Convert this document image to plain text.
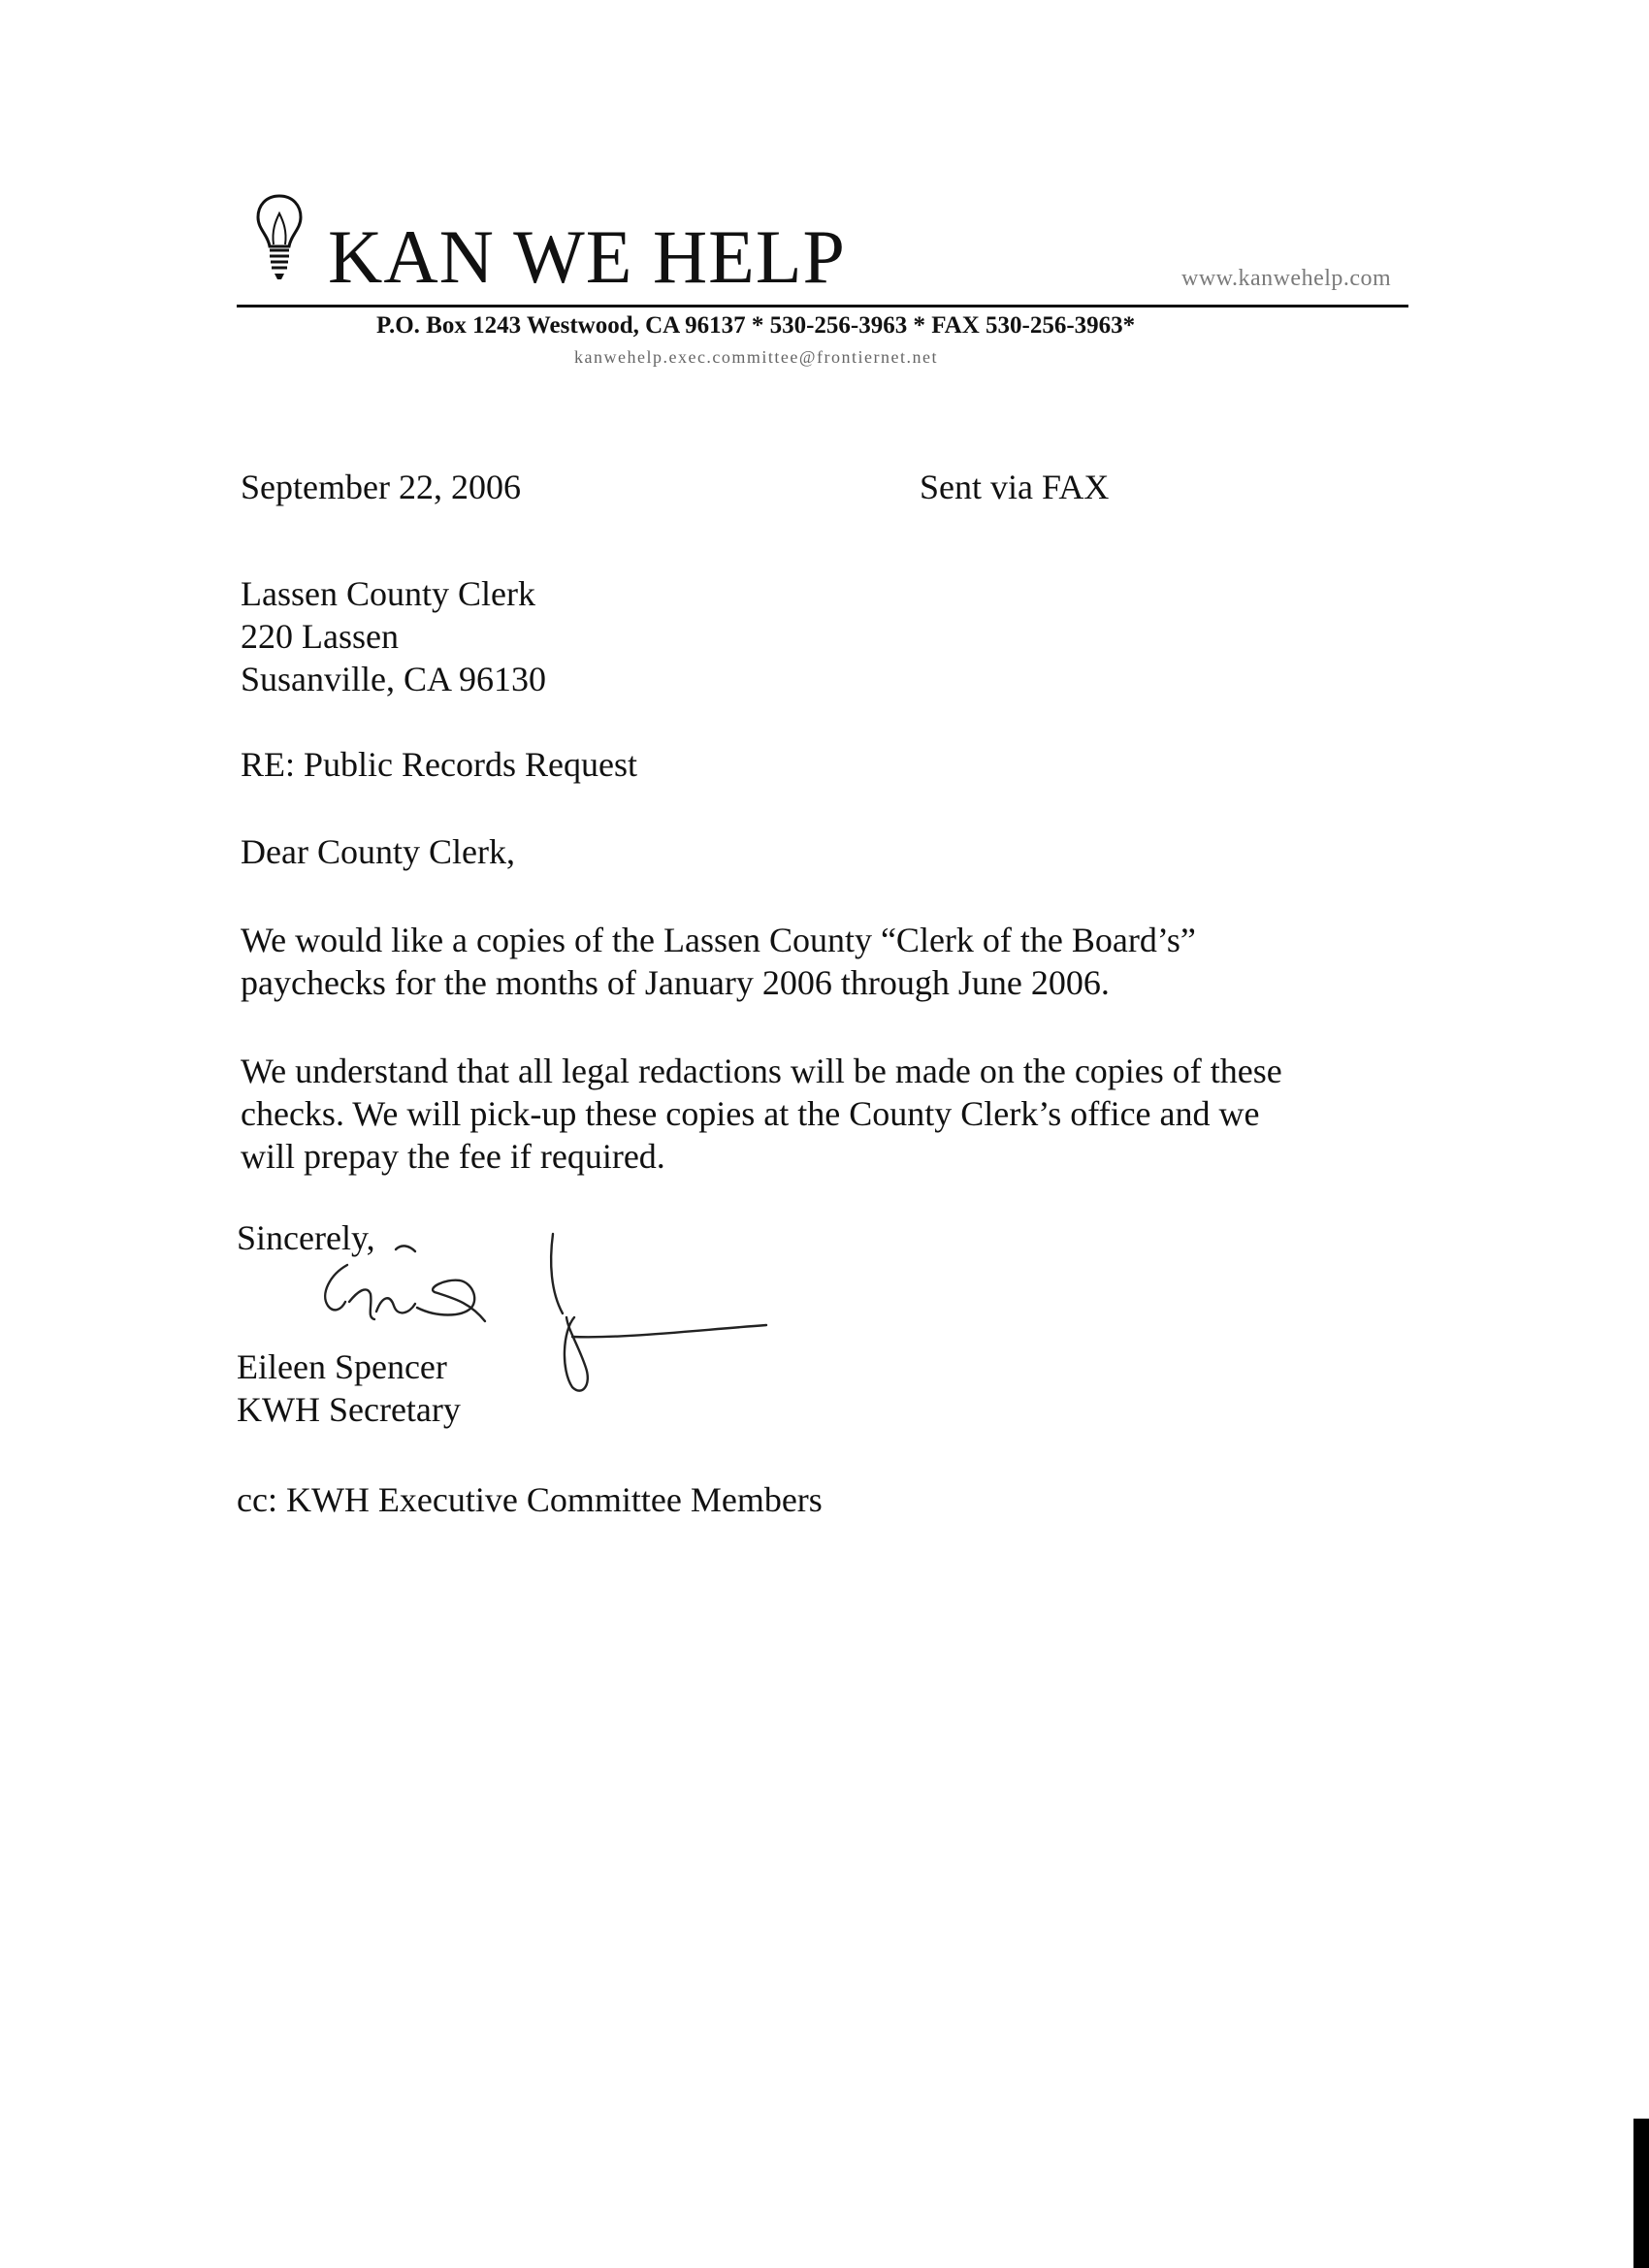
KAN WE HELP	www.kanwehelp.com
P.O. Box 1243 Westwood, CA 96137 * 530-256-3963 * FAX 530-256-3963*
kanwehelp.exec.committee@frontiernet.net
September 22, 2006	Sent via FAX
Lassen County Clerk
220 Lassen
Susanville, CA 96130
RE: Public Records Request
Dear County Clerk,
We would like a copies of the Lassen County “Clerk of the Board’s”
paychecks for the months of January 2006 through June 2006.
We understand that all legal redactions will be made on the copies of these
checks. We will pick-up these copies at the County Clerk’s office and we
will prepay the fee if required.
Sincerely,
Eileen Spencer
KWH Secretary
cc: KWH Executive Committee Members
